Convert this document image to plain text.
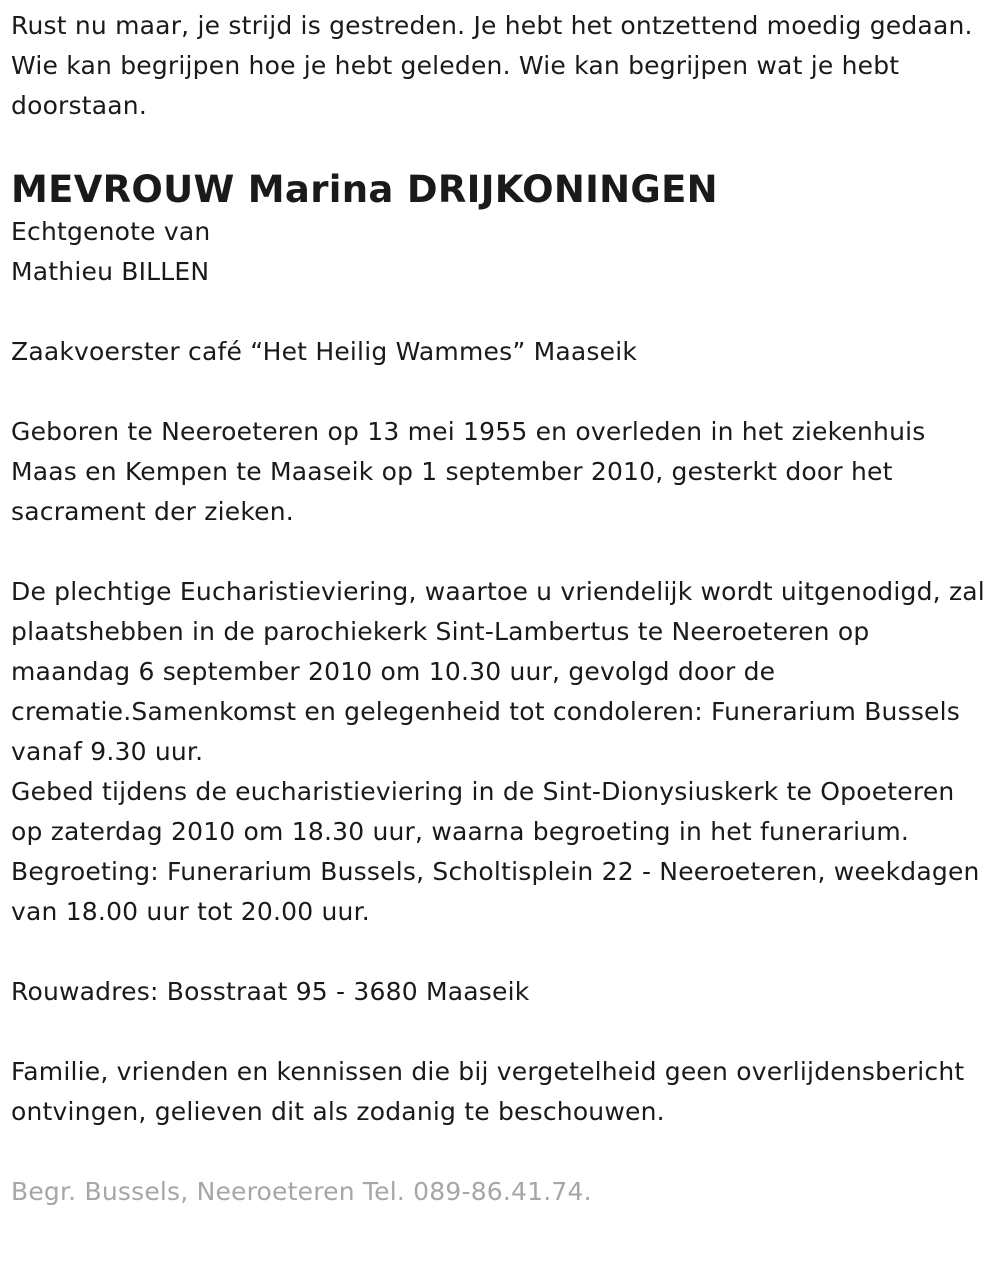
Rust nu maar, je strijd is gestreden. Je hebt het ontzettend moedig gedaan. Wie kan begrijpen hoe je hebt geleden. Wie kan begrijpen wat je hebt doorstaan.

MEVROUW Marina DRIJKONINGEN

Echtgenote van

Mathieu BILLEN

Zaakvoerster café “Het Heilig Wammes” Maaseik

Geboren te Neeroeteren op 13 mei 1955 en overleden in het ziekenhuis Maas en Kempen te Maaseik op 1 september 2010, gesterkt door het sacrament der zieken.

De plechtige Eucharistieviering, waartoe u vriendelijk wordt uitgenodigd, zal plaatshebben in de parochiekerk Sint-Lambertus te Neeroeteren op maandag 6 september 2010 om 10.30 uur, gevolgd door de crematie.Samenkomst en gelegenheid tot condoleren: Funerarium Bussels vanaf 9.30 uur.

Gebed tijdens de eucharistieviering in de Sint-Dionysiuskerk te Opoeteren op zaterdag 2010 om 18.30 uur, waarna begroeting in het funerarium.

Begroeting: Funerarium Bussels, Scholtisplein 22 - Neeroeteren, weekdagen van 18.00 uur tot 20.00 uur.

Rouwadres: Bosstraat 95 - 3680 Maaseik

Familie, vrienden en kennissen die bij vergetelheid geen overlijdensbericht ontvingen, gelieven dit als zodanig te beschouwen.

Begr. Bussels, Neeroeteren Tel. 089-86.41.74.
